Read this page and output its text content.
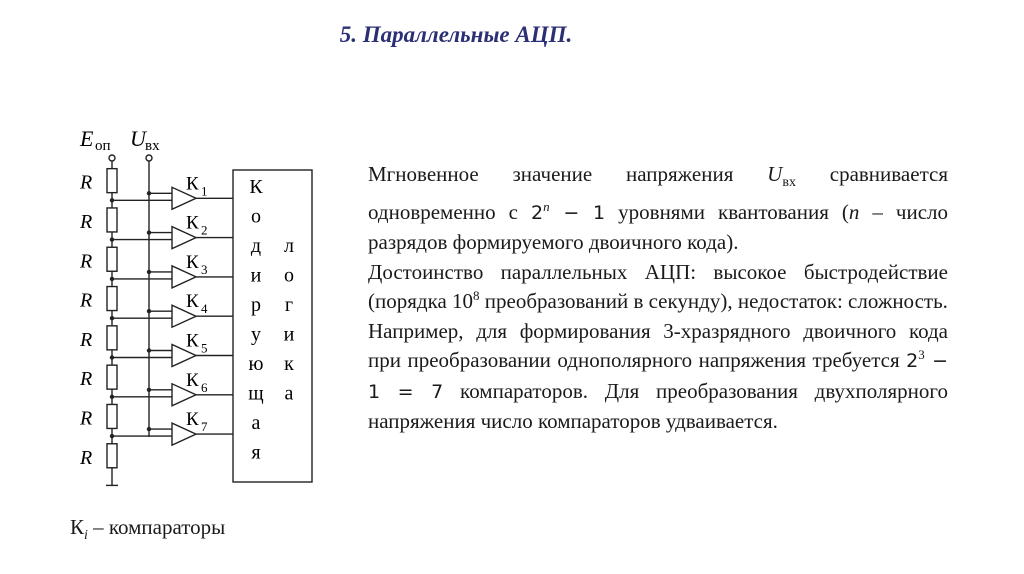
5. Параллельные АЦП.
E оп U вх
R
R
R
R
R
R
R
R
К 1
К 2
К 3
К 4
К 5
К 6
К 7
К
о
д
и
р
у
ю
щ
а
я
л
о
г
и
к
а

Мгновенное значение напряжения $U_{вх}$ сравнивается одновременно с $2^n - 1$ уровнями квантования (n – число разрядов формируемого двоичного кода).

Достоинство параллельных АЦП: высокое быстродействие (порядка $10^8$ преобразований в секунду), недостаток: сложность.

Например, для формирования 3-хразрядного двоичного кода при преобразовании однополярного напряжения требуется $2^3 - 1 = 7$ компараторов. Для преобразования двухполярного напряжения число компараторов удваивается.

$К_i$ – компараторы
